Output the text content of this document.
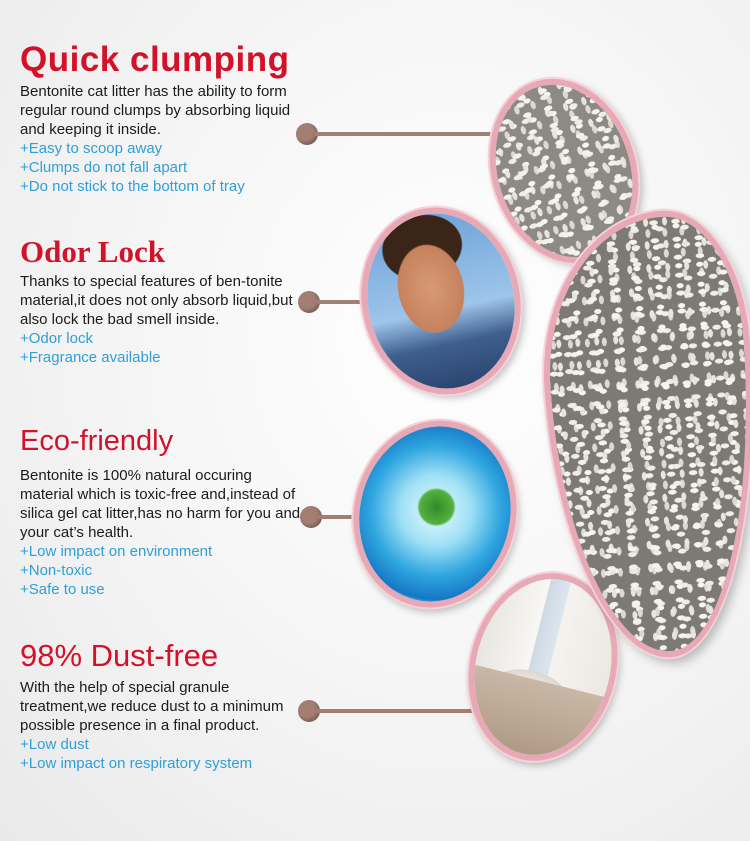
Quick clumping

Bentonite cat litter has the ability to form regular round clumps by absorbing liquid and keeping it inside.

+Easy to scoop away
+Clumps do not fall apart
+Do not stick to the bottom of tray
Odor Lock

Thanks to special features of ben-tonite material,it does not only absorb liquid,but also lock the bad smell inside.

+Odor lock
+Fragrance available
Eco-friendly

Bentonite is 100% natural occuring material which is toxic-free and,instead of silica gel cat litter,has no harm for you and your cat’s health.

+Low impact on environment
+Non-toxic
+Safe to use
98% Dust-free

With the help of special granule treatment,we reduce dust to a minimum possible presence in a final product.

+Low dust
+Low impact on respiratory system
